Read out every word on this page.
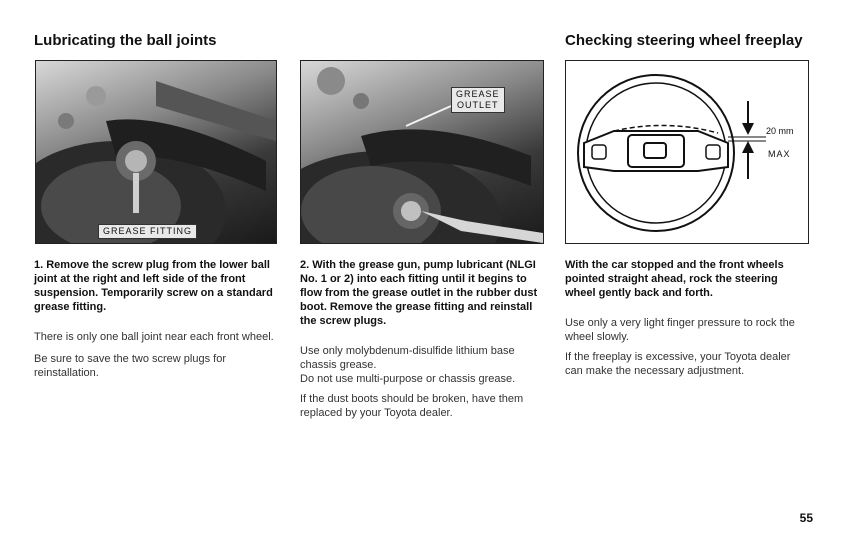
Lubricating the ball joints	Checking steering wheel freeplay
GREASE FITTING
GREASE
OUTLET
20 mm
MAX

1. Remove the screw plug from the lower ball joint at the right and left side of the front suspension. Temporarily screw on a standard grease fitting.

There is only one ball joint near each front wheel.

Be sure to save the two screw plugs for reinstallation.

2. With the grease gun, pump lubricant (NLGI No. 1 or 2) into each fitting until it begins to flow from the grease outlet in the rubber dust boot. Remove the grease fitting and reinstall the screw plugs.

Use only molybdenum-disulfide lithium base chassis grease.

Do not use multi-purpose or chassis grease.

If the dust boots should be broken, have them replaced by your Toyota dealer.

With the car stopped and the front wheels pointed straight ahead, rock the steering wheel gently back and forth.

Use only a very light finger pressure to rock the wheel slowly.

If the freeplay is excessive, your Toyota dealer can make the necessary adjustment.

55
